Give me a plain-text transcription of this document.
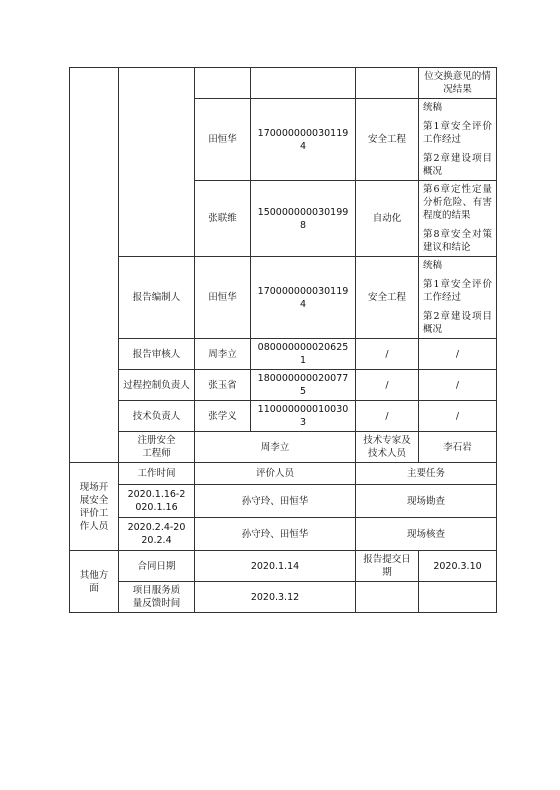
					位交换意见的情况结果
		田恒华	1700000000301194	安全工程	统稿
第1章安全评价工作经过
第2章建设项目概况

		张联维	1500000000301998	自动化	第6章定性定量分析危险、有害程度的结果
第8章安全对策建议和结论

	报告编制人	田恒华	1700000000301194	安全工程	统稿
第1章安全评价工作经过
第2章建设项目概况

	报告审核人	周李立	0800000000206251	/	/
	过程控制负责人	张玉省	1800000000200775	/	/
	技术负责人	张学义	1100000000100303	/	/
	注册安全工程师	周李立		技术专家及技术人员	李石岩
现场开展安全评价工作人员	工作时间	评价人员		主要任务	
	2020.1.16-2020.1.16	孙守玲、田恒华		现场勘查	
	2020.2.4-2020.2.4	孙守玲、田恒华		现场核查	
其他方面	合同日期	2020.1.14		报告提交日期	2020.3.10
	项目服务质量反馈时间	2020.3.12			
